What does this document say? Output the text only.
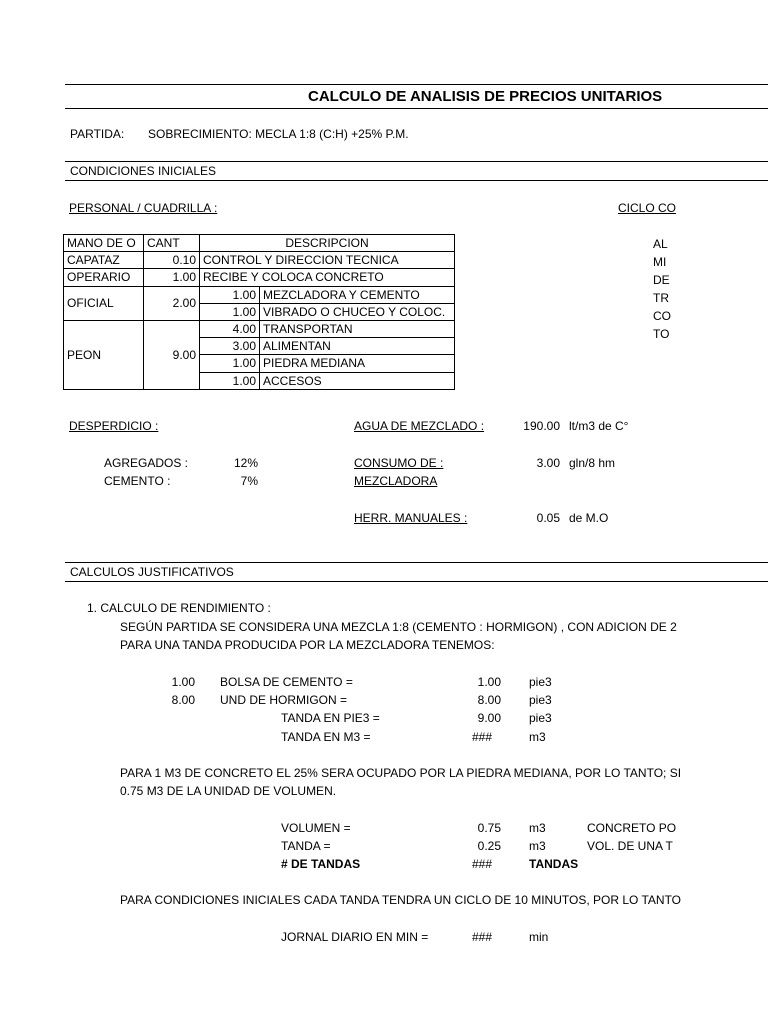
CALCULO DE ANALISIS DE PRECIOS UNITARIOS
PARTIDA: SOBRECIMIENTO: MECLA 1:8 (C:H) +25% P.M.
CONDICIONES INICIALES
PERSONAL / CUADRILLA :	CICLO CO
AL
MI
DE
TR
CO
TO
MANO DE O	CANT	DESCRIPCION	
CAPATAZ	0.10	CONTROL Y DIRECCION TECNICA	
OPERARIO	1.00	RECIBE Y COLOCA CONCRETO	
OFICIAL	2.00	1.00	MEZCLADORA Y CEMENTO
		1.00	VIBRADO O CHUCEO Y COLOC.
PEON	9.00	4.00	TRANSPORTAN
		3.00	ALIMENTAN
		1.00	PIEDRA MEDIANA
		1.00	ACCESOS
DESPERDICIO :
AGREGADOS :	12%
CEMENTO :	7%
AGUA DE MEZCLADO :	190.00 lt/m3 de C°
CONSUMO DE :
MEZCLADORA
3.00 gln/8 hm
HERR. MANUALES :	0.05 de M.O
CALCULOS JUSTIFICATIVOS
1. CALCULO DE RENDIMIENTO :
SEGÚN PARTIDA SE CONSIDERA UNA MEZCLA 1:8 (CEMENTO : HORMIGON) , CON ADICION DE 2
PARA UNA TANDA PRODUCIDA POR LA MEZCLADORA TENEMOS:
1.00 BOLSA DE CEMENTO =	1.00 pie3
8.00 UND DE HORMIGON =	8.00 pie3
TANDA EN PIE3 =	9.00 pie3
TANDA EN M3 =	###	m3
PARA 1 M3 DE CONCRETO EL 25% SERA OCUPADO POR LA PIEDRA MEDIANA, POR LO TANTO; SI
0.75 M3 DE LA UNIDAD DE VOLUMEN.
VOLUMEN =	0.75 m3	CONCRETO PO
TANDA =	0.25 m3	VOL. DE UNA T
# DE TANDAS	###	TANDAS
PARA CONDICIONES INICIALES CADA TANDA TENDRA UN CICLO DE 10 MINUTOS, POR LO TANTO
JORNAL DIARIO EN MIN =	###	min
